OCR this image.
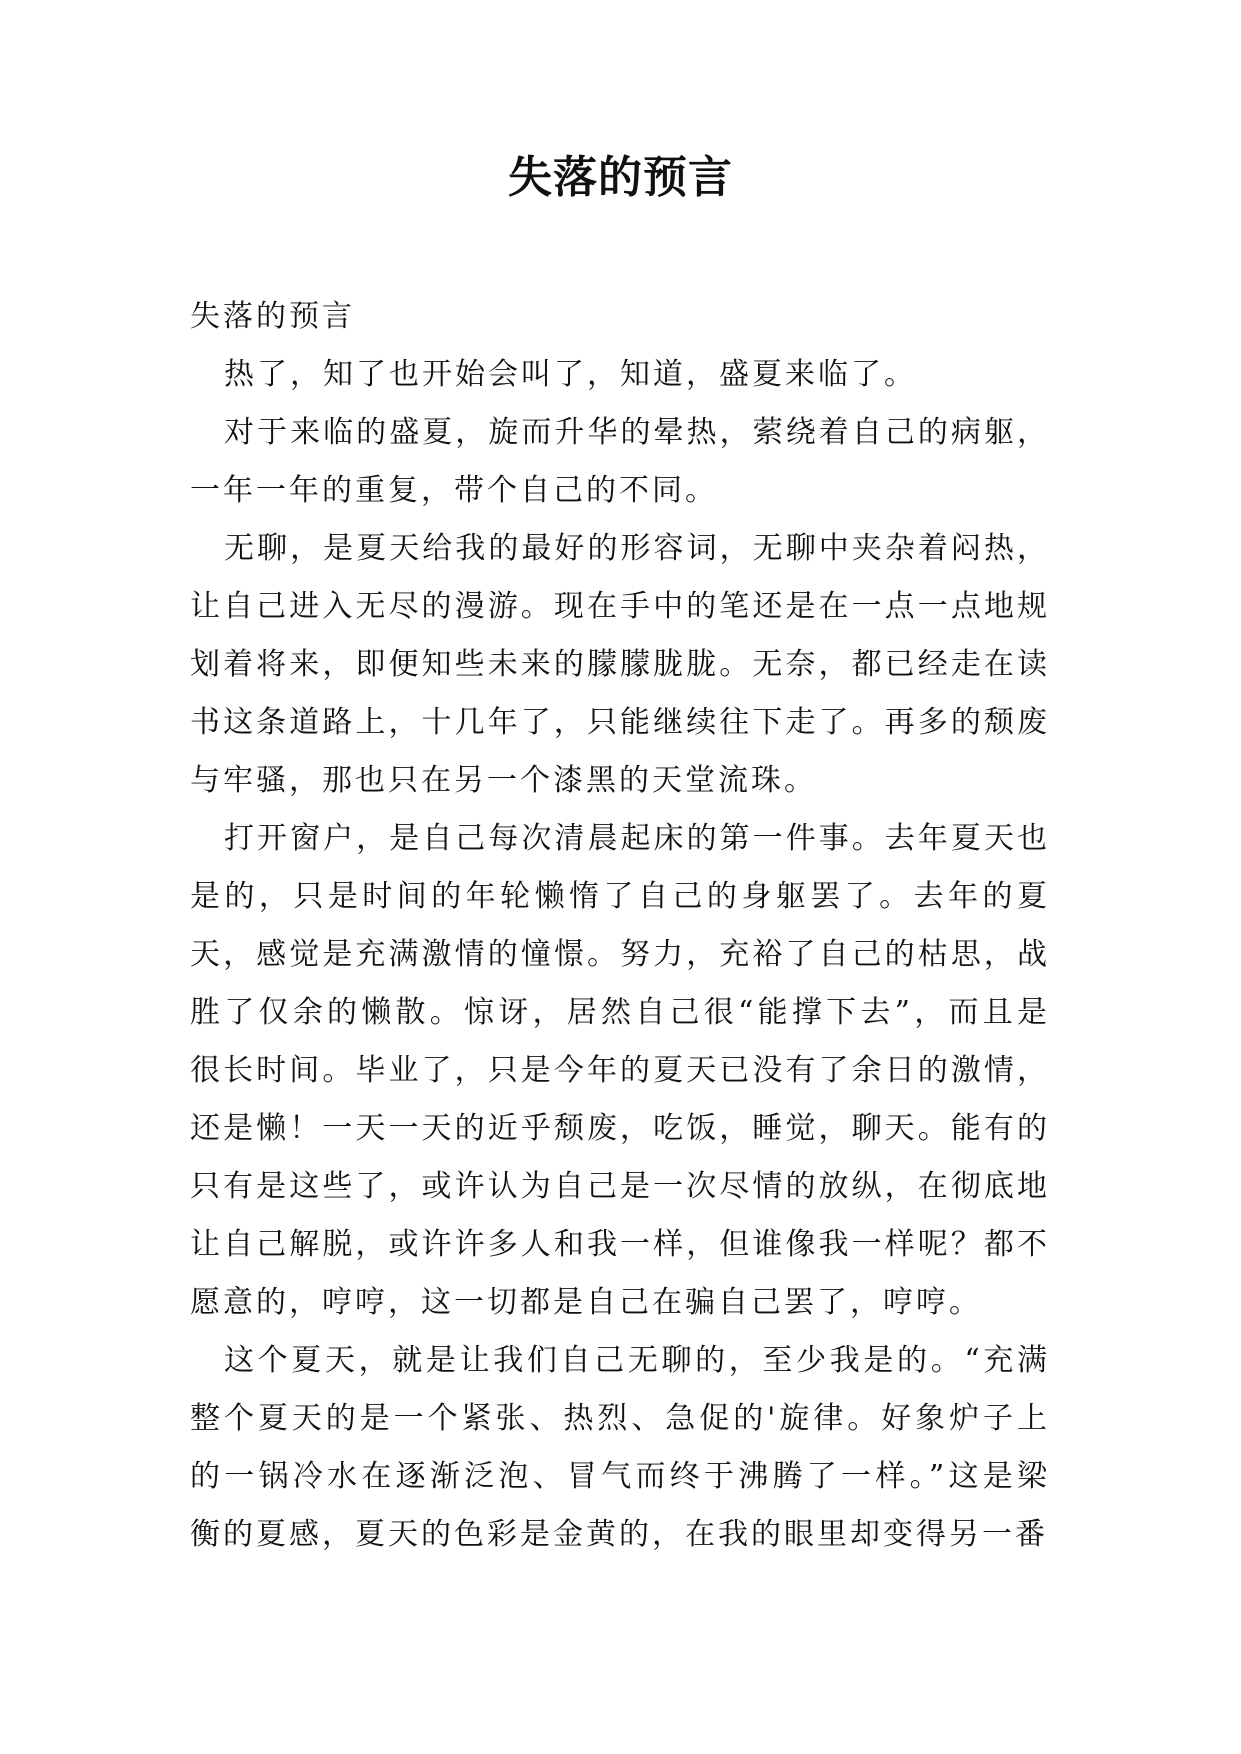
失落的预言

失落的预言

热了，知了也开始会叫了，知道，盛夏来临了。

对于来临的盛夏，旋而升华的晕热，萦绕着自己的病躯，一年一年的重复，带个自己的不同。

无聊，是夏天给我的最好的形容词，无聊中夹杂着闷热，让自己进入无尽的漫游。现在手中的笔还是在一点一点地规划着将来，即便知些未来的朦朦胧胧。无奈，都已经走在读书这条道路上，十几年了，只能继续往下走了。再多的颓废与牢骚，那也只在另一个漆黑的天堂流珠。

打开窗户，是自己每次清晨起床的第一件事。去年夏天也是的，只是时间的年轮懒惰了自己的身躯罢了。去年的夏天，感觉是充满激情的憧憬。努力，充裕了自己的枯思，战胜了仅余的懒散。惊讶，居然自己很“能撑下去”，而且是很长时间。毕业了，只是今年的夏天已没有了余日的激情，还是懒！一天一天的近乎颓废，吃饭，睡觉，聊天。能有的只有是这些了，或许认为自己是一次尽情的放纵，在彻底地让自己解脱，或许许多人和我一样，但谁像我一样呢？都不愿意的，哼哼，这一切都是自己在骗自己罢了，哼哼。

这个夏天，就是让我们自己无聊的，至少我是的。“充满整个夏天的是一个紧张、热烈、急促的'旋律。好象炉子上的一锅冷水在逐渐泛泡、冒气而终于沸腾了一样。”这是梁衡的夏感，夏天的色彩是金黄的，在我的眼里却变得另一番
